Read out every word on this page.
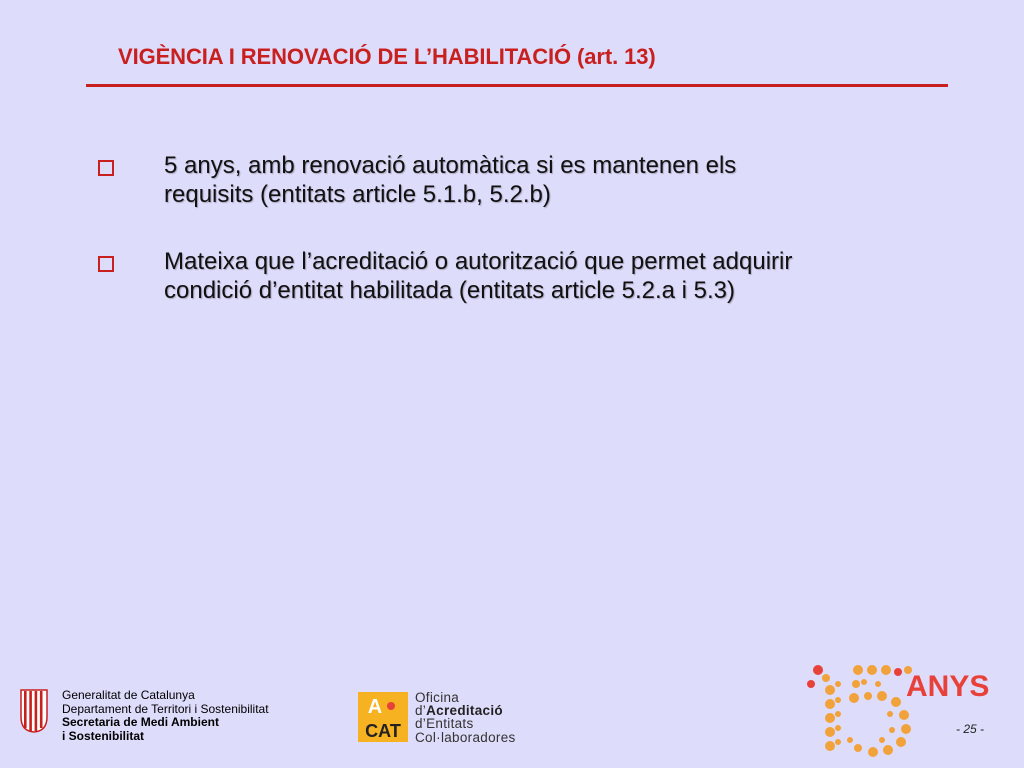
VIGÈNCIA I RENOVACIÓ DE L’HABILITACIÓ (art. 13)
5 anys, amb renovació automàtica si es mantenen els
requisits (entitats article 5.1.b, 5.2.b)
Mateixa que l’acreditació o autorització que permet adquirir
condició d’entitat habilitada (entitats article 5.2.a i 5.3)
Generalitat de Catalunya
Departament de Territori i Sostenibilitat
Secretaria de Medi Ambient
i Sostenibilitat
A
CAT
Oficina
d’Acreditació
d’Entitats
Col·laboradores
ANYS
- 25 -
